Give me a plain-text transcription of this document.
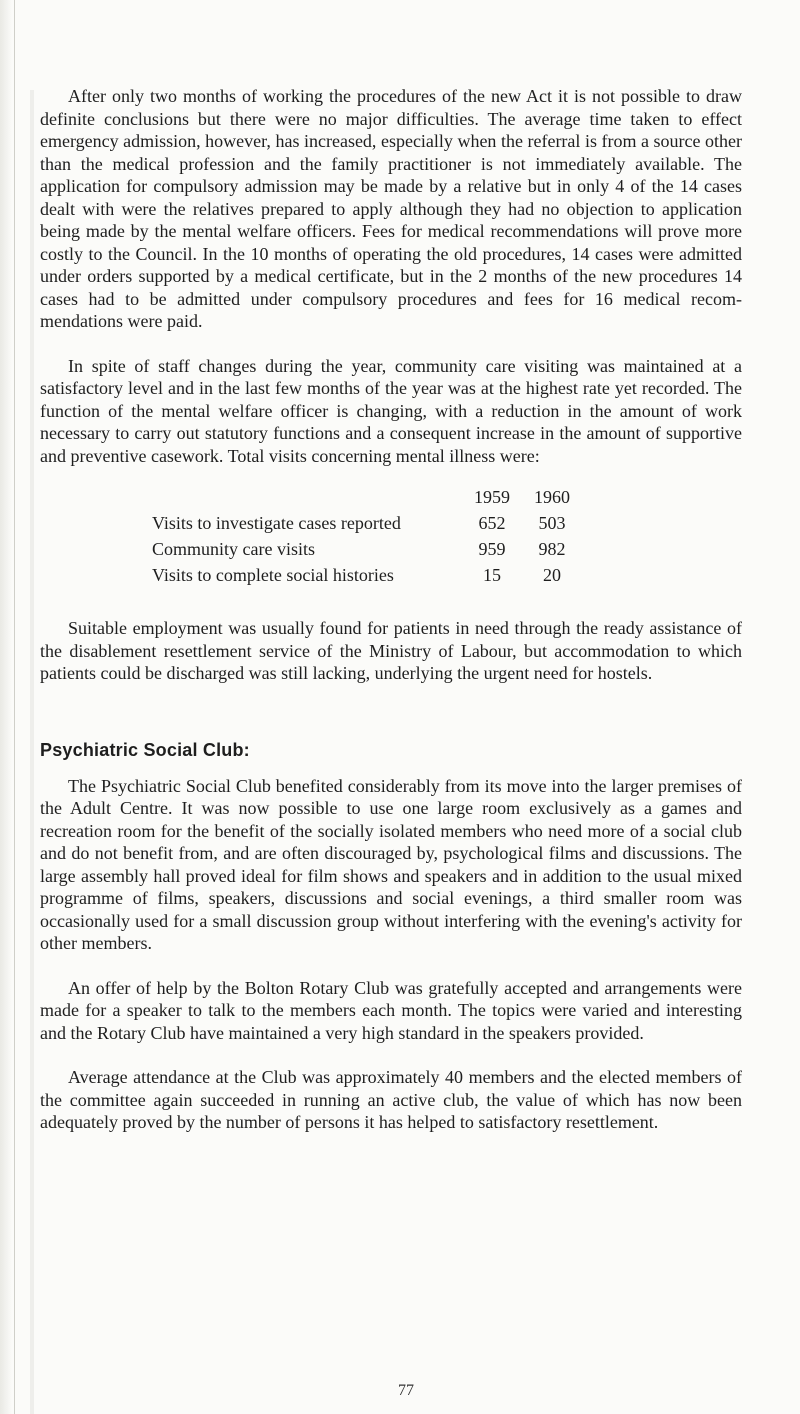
After only two months of working the procedures of the new Act it is not possible to draw definite conclusions but there were no major difficulties. The average time taken to effect emergency admission, however, has increased, especially when the referral is from a source other than the medical profession and the family practitioner is not immediately available. The application for compulsory admission may be made by a relative but in only 4 of the 14 cases dealt with were the relatives prepared to apply although they had no objection to application being made by the mental welfare officers. Fees for medical recommendations will prove more costly to the Council. In the 10 months of operating the old procedures, 14 cases were admitted under orders supported by a medical certificate, but in the 2 months of the new procedures 14 cases had to be admitted under compulsory procedures and fees for 16 medical recom-mendations were paid.

In spite of staff changes during the year, community care visiting was maintained at a satisfactory level and in the last few months of the year was at the highest rate yet recorded. The function of the mental welfare officer is changing, with a reduction in the amount of work necessary to carry out statutory functions and a consequent increase in the amount of supportive and preventive casework. Total visits concerning mental illness were:

	1959	1960
Visits to investigate cases reported	652	503
Community care visits	959	982
Visits to complete social histories	15	20

Suitable employment was usually found for patients in need through the ready assistance of the disablement resettlement service of the Ministry of Labour, but accommodation to which patients could be discharged was still lacking, underlying the urgent need for hostels.

Psychiatric Social Club:

The Psychiatric Social Club benefited considerably from its move into the larger premises of the Adult Centre. It was now possible to use one large room exclusively as a games and recreation room for the benefit of the socially isolated members who need more of a social club and do not benefit from, and are often discouraged by, psychological films and discussions. The large assembly hall proved ideal for film shows and speakers and in addition to the usual mixed programme of films, speakers, discussions and social evenings, a third smaller room was occasionally used for a small discussion group without interfering with the evening's activity for other members.

An offer of help by the Bolton Rotary Club was gratefully accepted and arrangements were made for a speaker to talk to the members each month. The topics were varied and interesting and the Rotary Club have maintained a very high standard in the speakers provided.

Average attendance at the Club was approximately 40 members and the elected members of the committee again succeeded in running an active club, the value of which has now been adequately proved by the number of persons it has helped to satisfactory resettlement.

77
